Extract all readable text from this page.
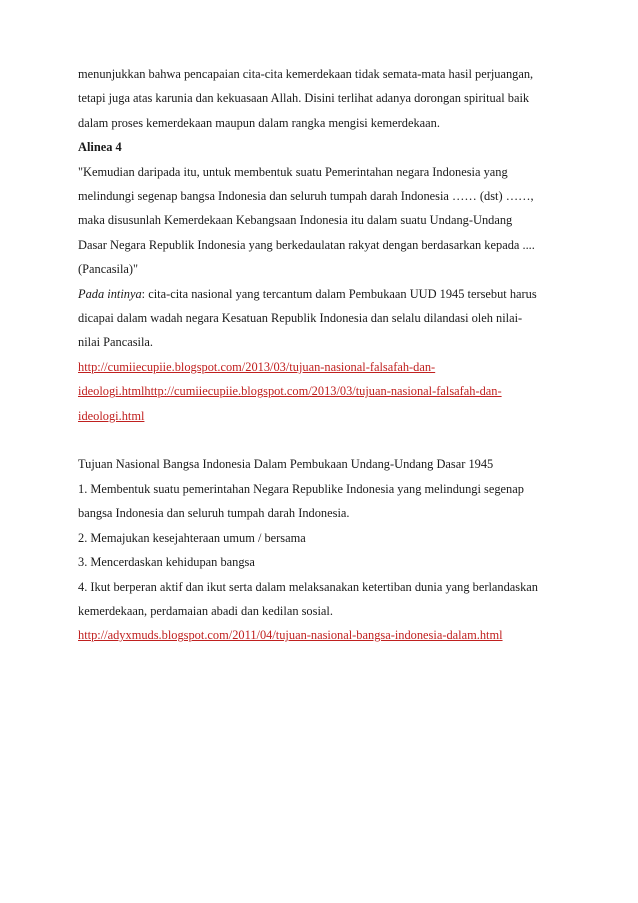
menunjukkan bahwa pencapaian cita-cita kemerdekaan tidak semata-mata hasil perjuangan,
tetapi juga atas karunia dan kekuasaan Allah. Disini terlihat adanya dorongan spiritual baik
dalam proses kemerdekaan maupun dalam rangka mengisi kemerdekaan.
Alinea 4
"Kemudian daripada itu, untuk membentuk suatu Pemerintahan negara Indonesia yang
melindungi segenap bangsa Indonesia dan seluruh tumpah darah Indonesia …… (dst) ……,
maka disusunlah Kemerdekaan Kebangsaan Indonesia itu dalam suatu Undang-Undang
Dasar Negara Republik Indonesia yang berkedaulatan rakyat dengan berdasarkan kepada ....
(Pancasila)"
Pada intinya: cita-cita nasional yang tercantum dalam Pembukaan UUD 1945 tersebut harus
dicapai dalam wadah negara Kesatuan Republik Indonesia dan selalu dilandasi oleh nilai-
nilai Pancasila.
http://cumiiecupiie.blogspot.com/2013/03/tujuan-nasional-falsafah-dan-
ideologi.htmlhttp://cumiiecupiie.blogspot.com/2013/03/tujuan-nasional-falsafah-dan-
ideologi.html
Tujuan Nasional Bangsa Indonesia Dalam Pembukaan Undang-Undang Dasar 1945
1. Membentuk suatu pemerintahan Negara Republike Indonesia yang melindungi segenap
bangsa Indonesia dan seluruh tumpah darah Indonesia.
2. Memajukan kesejahteraan umum / bersama
3. Mencerdaskan kehidupan bangsa
4. Ikut berperan aktif dan ikut serta dalam melaksanakan ketertiban dunia yang berlandaskan
kemerdekaan, perdamaian abadi dan kedilan sosial.
http://adyxmuds.blogspot.com/2011/04/tujuan-nasional-bangsa-indonesia-dalam.html
